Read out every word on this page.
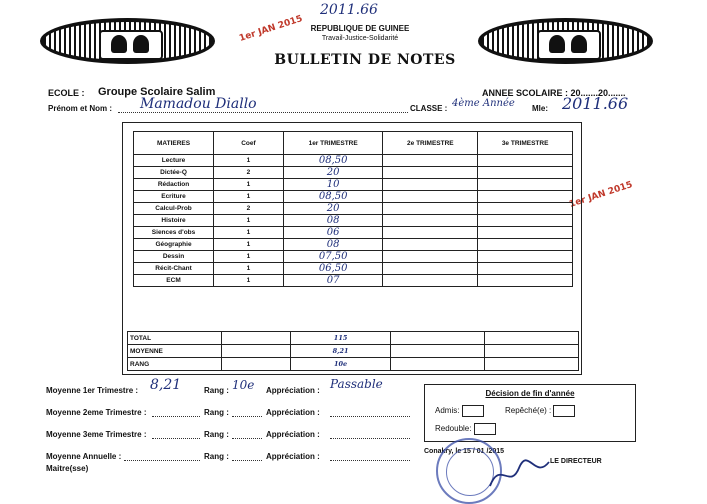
2011.66
1er JAN 2015
1er JAN 2015
REPUBLIQUE DE GUINEE
Travail-Justice-Solidarité
BULLETIN DE NOTES
ECOLE : Groupe Scolaire Salim	ANNEE SCOLAIRE : 20.......20.......
Prénom et Nom : Mamadou Diallo	CLASSE : 4ème Année Mle: 2011.66
MATIERES	Coef	1er TRIMESTRE	2e TRIMESTRE	3e TRIMESTRE
Lecture	1	08,50		
Dictée-Q	2	20		
Rédaction	1	10		
Ecriture	1	08,50		
Calcul-Prob	2	20		
Histoire	1	08		
Siences d'obs	1	06		
Géographie	1	08		
Dessin	1	07,50		
Récit-Chant	1	06,50		
ECM	1	07		
TOTAL		115		
MOYENNE		8,21		
RANG		10e		
Moyenne 1er Trimestre : 8,21	Rang : 10e Appréciation : Passable
Moyenne 2eme Trimestre :	Rang :	Appréciation :
Moyenne 3eme Trimestre :	Rang :	Appréciation :
Moyenne Annuelle :	Rang :	Appréciation :
Maitre(sse)
Décision de fin d'année
Admis:	Repêché(e) :
Redouble:
Conakry, le 15 / 01 /2015
LE DIRECTEUR
